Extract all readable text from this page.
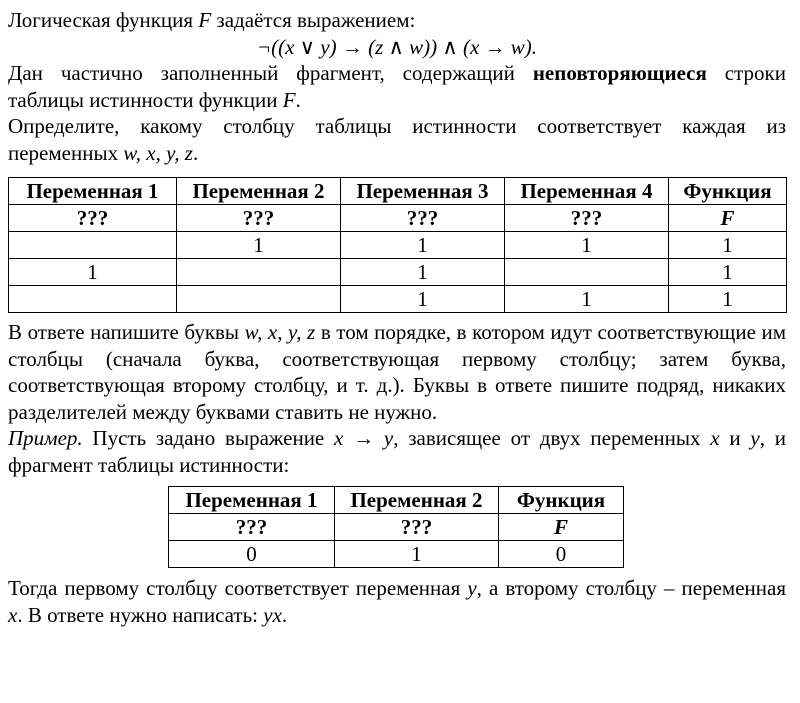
Логическая функция F задаётся выражением:

¬((x ∨ y) → (z ∧ w)) ∧ (x → w).

Дан частично заполненный фрагмент, содержащий неповторяющиеся строки таблицы истинности функции F.

Определите, какому столбцу таблицы истинности соответствует каждая из переменных w, x, y, z.

Переменная 1	Переменная 2	Переменная 3	Переменная 4	Функция
???	???	???	???	F
	1	1	1	1
1		1		1
		1	1	1

В ответе напишите буквы w, x, y, z в том порядке, в котором идут соответствующие им столбцы (сначала буква, соответствующая первому столбцу; затем буква, соответствующая второму столбцу, и т. д.). Буквы в ответе пишите подряд, никаких разделителей между буквами ставить не нужно.

Пример. Пусть задано выражение x → y, зависящее от двух переменных x и y, и фрагмент таблицы истинности:

Переменная 1	Переменная 2	Функция
???	???	F
0	1	0

Тогда первому столбцу соответствует переменная y, а второму столбцу – переменная x. В ответе нужно написать: yx.
